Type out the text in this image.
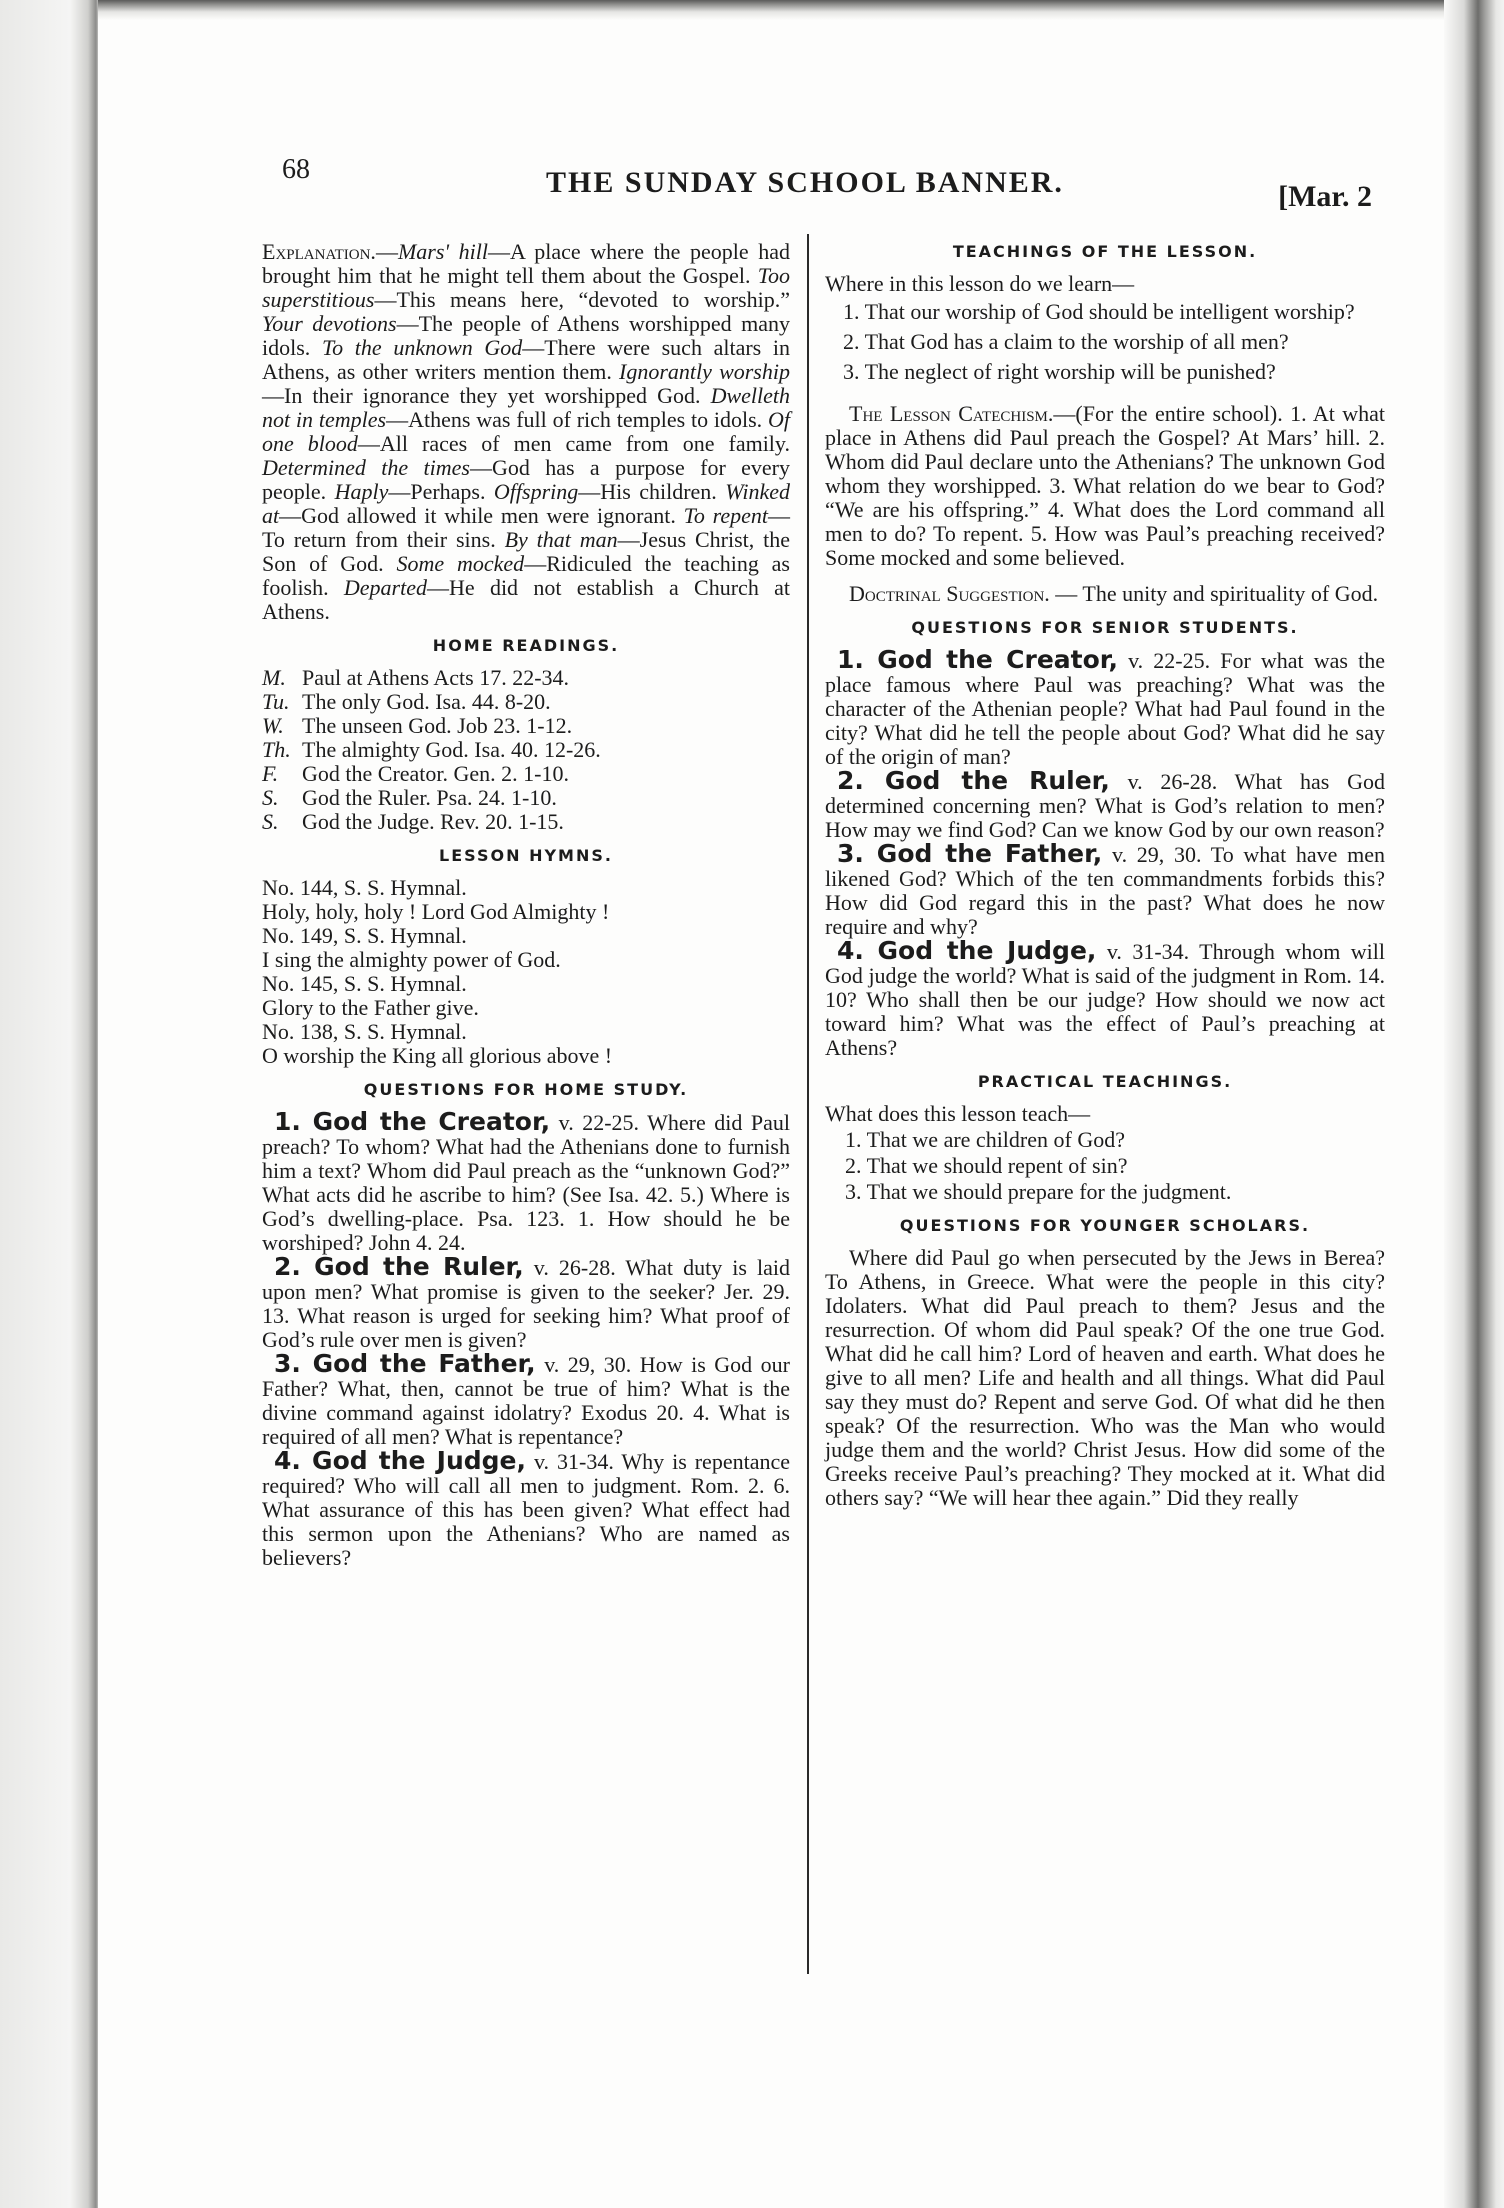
68	THE SUNDAY SCHOOL BANNER.	[Mar. 2

Explanation.—Mars' hill—A place where the people had brought him that he might tell them about the Gospel. Too superstitious—This means here, “devoted to worship.” Your devotions—The people of Athens worshipped many idols. To the unknown God—There were such altars in Athens, as other writers mention them. Ignorantly worship—In their ignorance they yet worshipped God. Dwelleth not in temples—Athens was full of rich temples to idols. Of one blood—All races of men came from one family. Determined the times—God has a purpose for every people. Haply—Perhaps. Offspring—His children. Winked at—God allowed it while men were ignorant. To repent—To return from their sins. By that man—Jesus Christ, the Son of God. Some mocked—Ridiculed the teaching as foolish. Departed—He did not establish a Church at Athens.

HOME READINGS.
M. Paul at Athens Acts 17. 22-34.
Tu. The only God. Isa. 44. 8-20.
W. The unseen God. Job 23. 1-12.
Th. The almighty God. Isa. 40. 12-26.
F.	God the Creator. Gen. 2. 1-10.
S.	God the Ruler. Psa. 24. 1-10.
S.	God the Judge. Rev. 20. 1-15.
LESSON HYMNS.

No. 144, S. S. Hymnal.

Holy, holy, holy ! Lord God Almighty !

No. 149, S. S. Hymnal.

I sing the almighty power of God.

No. 145, S. S. Hymnal.

Glory to the Father give.

No. 138, S. S. Hymnal.

O worship the King all glorious above !

QUESTIONS FOR HOME STUDY.

1. God the Creator, v. 22-25. Where did Paul preach? To whom? What had the Athenians done to furnish him a text? Whom did Paul preach as the “unknown God?” What acts did he ascribe to him? (See Isa. 42. 5.) Where is God’s dwelling-place. Psa. 123. 1. How should he be worshiped? John 4. 24.

2. God the Ruler, v. 26-28. What duty is laid upon men? What promise is given to the seeker? Jer. 29. 13. What reason is urged for seeking him? What proof of God’s rule over men is given?

3. God the Father, v. 29, 30. How is God our Father? What, then, cannot be true of him? What is the divine command against idolatry? Exodus 20. 4. What is required of all men? What is repentance?

4. God the Judge, v. 31-34. Why is repentance required? Who will call all men to judgment. Rom. 2. 6. What assurance of this has been given? What effect had this sermon upon the Athenians? Who are named as believers?

TEACHINGS OF THE LESSON.

Where in this lesson do we learn—

1. That our worship of God should be intelligent worship?
2. That God has a claim to the worship of all men?
3. The neglect of right worship will be punished?

The Lesson Catechism.—(For the entire school). 1. At what place in Athens did Paul preach the Gospel? At Mars’ hill. 2. Whom did Paul declare unto the Athenians? The unknown God whom they worshipped. 3. What relation do we bear to God? “We are his offspring.” 4. What does the Lord command all men to do? To repent. 5. How was Paul’s preaching received? Some mocked and some believed.

Doctrinal Suggestion. — The unity and spirituality of God.

QUESTIONS FOR SENIOR STUDENTS.

1. God the Creator, v. 22-25. For what was the place famous where Paul was preaching? What was the character of the Athenian people? What had Paul found in the city? What did he tell the people about God? What did he say of the origin of man?

2. God the Ruler, v. 26-28. What has God determined concerning men? What is God’s relation to men? How may we find God? Can we know God by our own reason?

3. God the Father, v. 29, 30. To what have men likened God? Which of the ten commandments forbids this? How did God regard this in the past? What does he now require and why?

4. God the Judge, v. 31-34. Through whom will God judge the world? What is said of the judgment in Rom. 14. 10? Who shall then be our judge? How should we now act toward him? What was the effect of Paul’s preaching at Athens?

PRACTICAL TEACHINGS.

What does this lesson teach—

1. That we are children of God?
2. That we should repent of sin?
3. That we should prepare for the judgment.
QUESTIONS FOR YOUNGER SCHOLARS.

Where did Paul go when persecuted by the Jews in Berea? To Athens, in Greece. What were the people in this city? Idolaters. What did Paul preach to them? Jesus and the resurrection. Of whom did Paul speak? Of the one true God. What did he call him? Lord of heaven and earth. What does he give to all men? Life and health and all things. What did Paul say they must do? Repent and serve God. Of what did he then speak? Of the resurrection. Who was the Man who would judge them and the world? Christ Jesus. How did some of the Greeks receive Paul’s preaching? They mocked at it. What did others say? “We will hear thee again.” Did they really
